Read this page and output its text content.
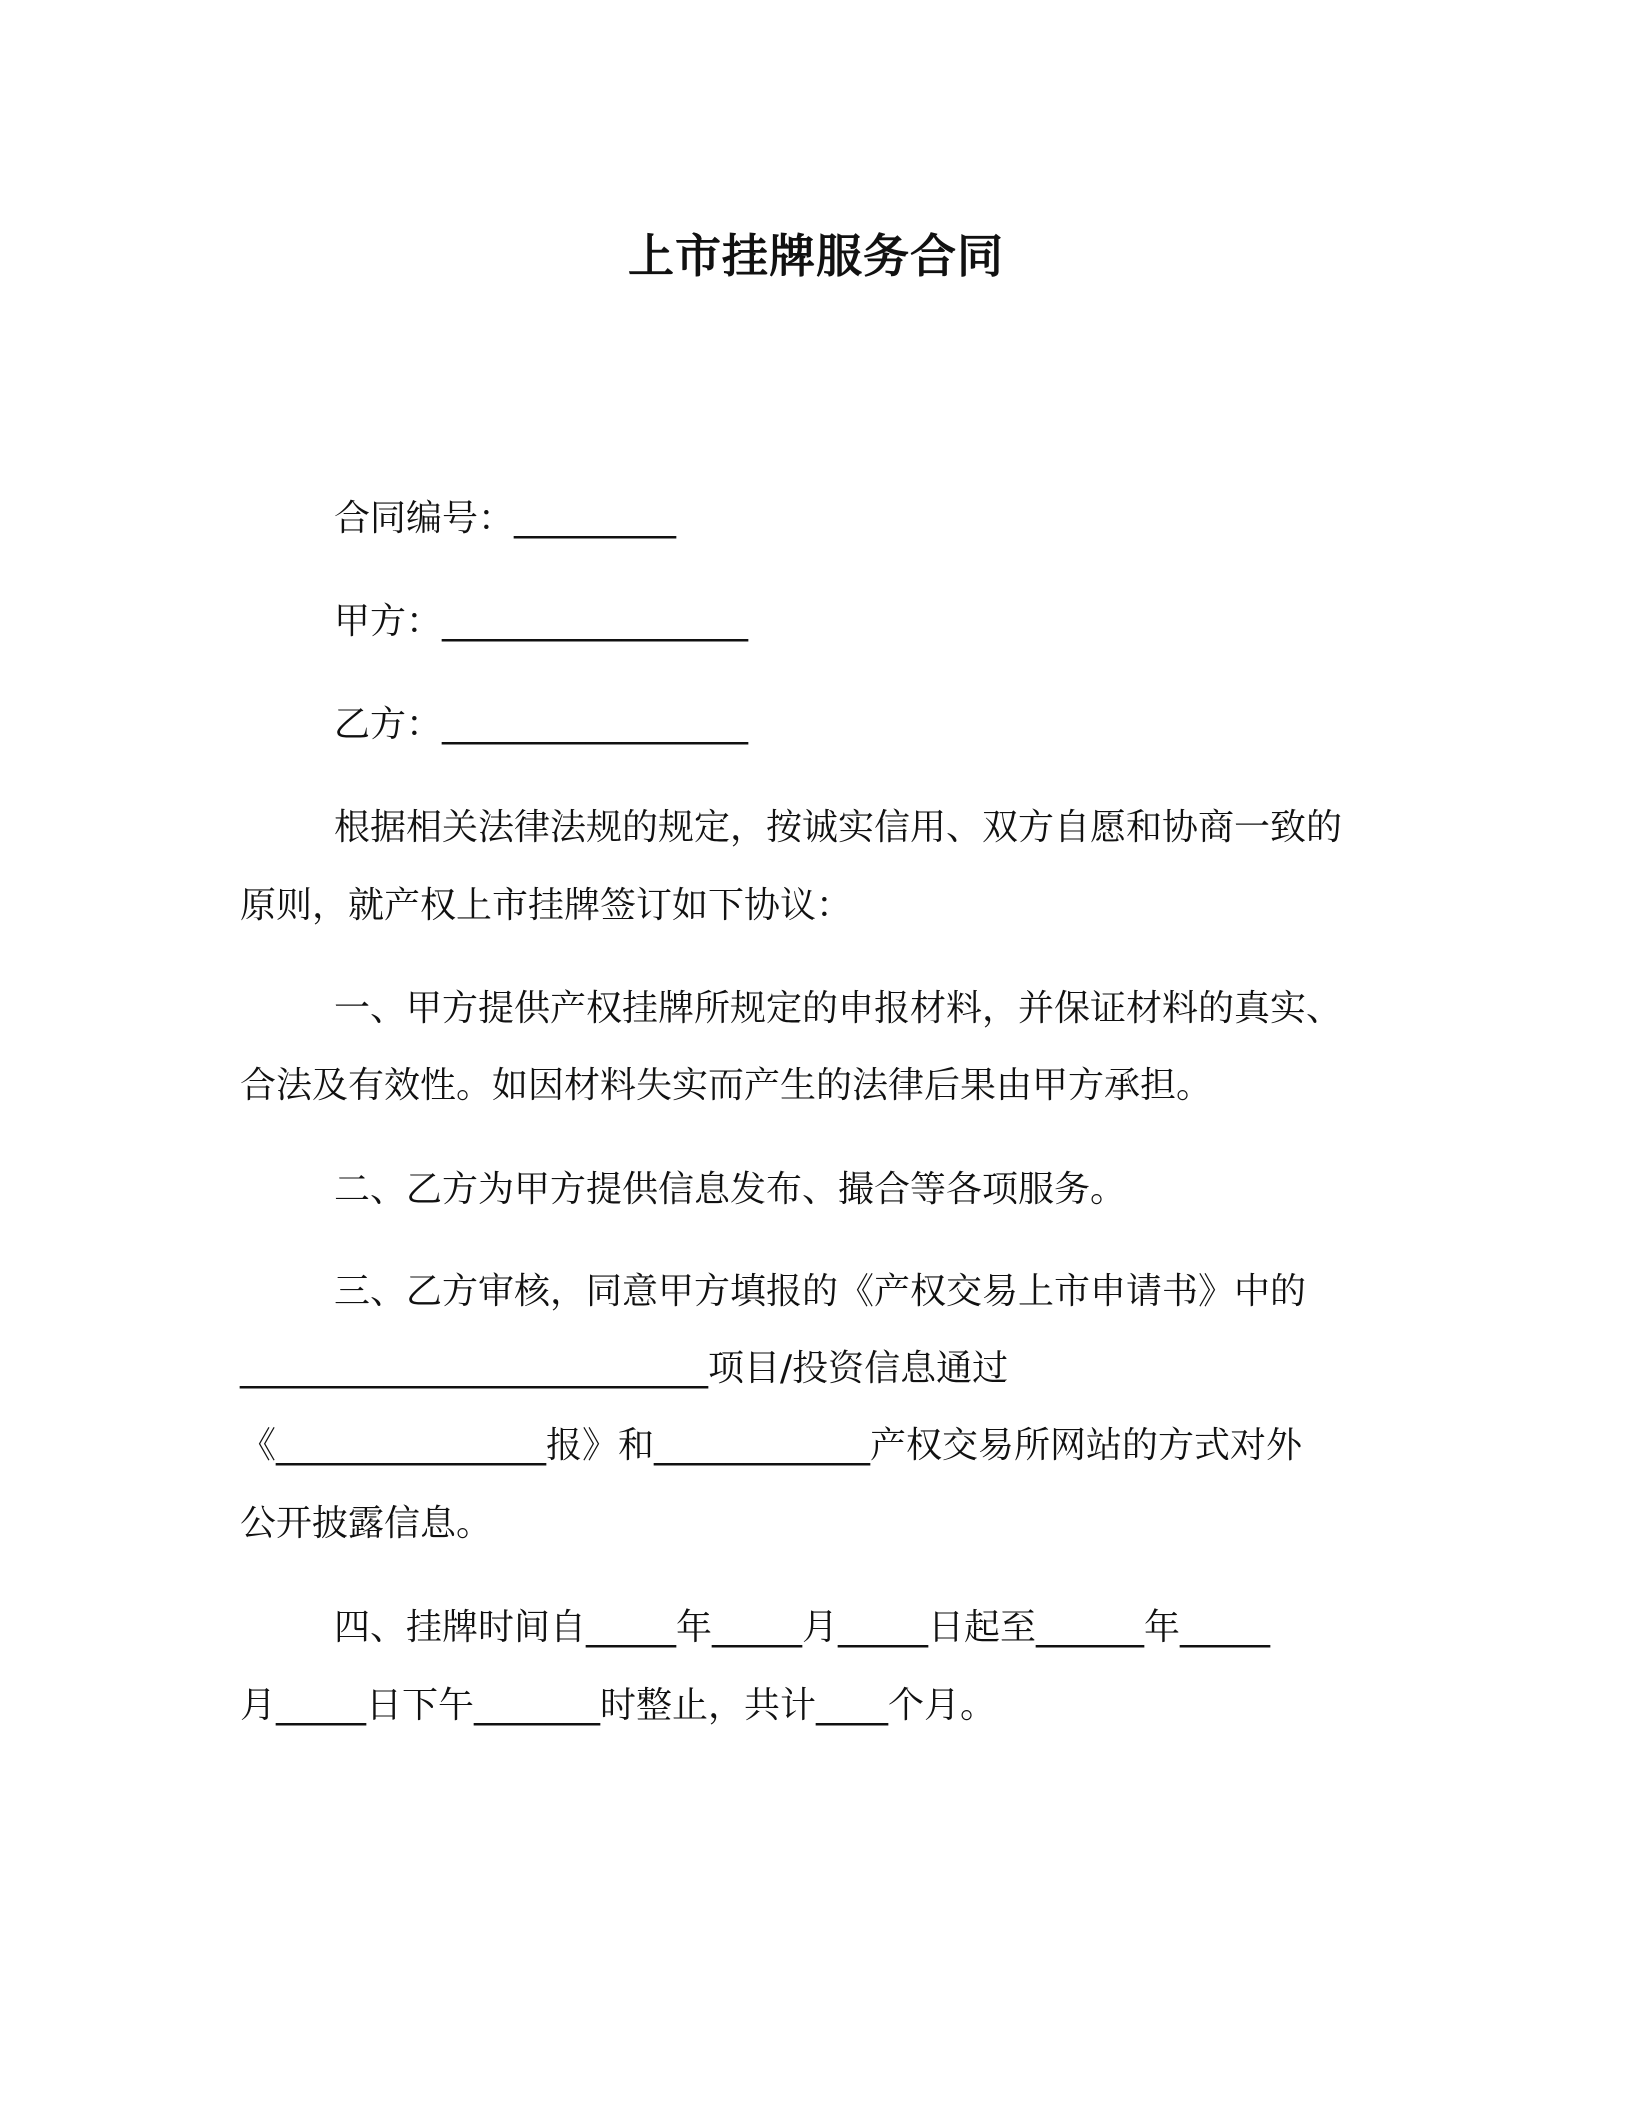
上市挂牌服务合同
合同编号：_________
甲方：_________________
乙方：_________________
根据相关法律法规的规定，按诚实信用、双方自愿和协商一致的
原则，就产权上市挂牌签订如下协议：
一、甲方提供产权挂牌所规定的申报材料，并保证材料的真实、
合法及有效性。如因材料失实而产生的法律后果由甲方承担。
二、乙方为甲方提供信息发布、撮合等各项服务。
三、乙方审核，同意甲方填报的《产权交易上市申请书》中的
__________________________项目/投资信息通过
《_______________报》和____________产权交易所网站的方式对外
公开披露信息。
四、挂牌时间自_____年_____月_____日起至______年_____
月_____日下午_______时整止，共计____个月。
